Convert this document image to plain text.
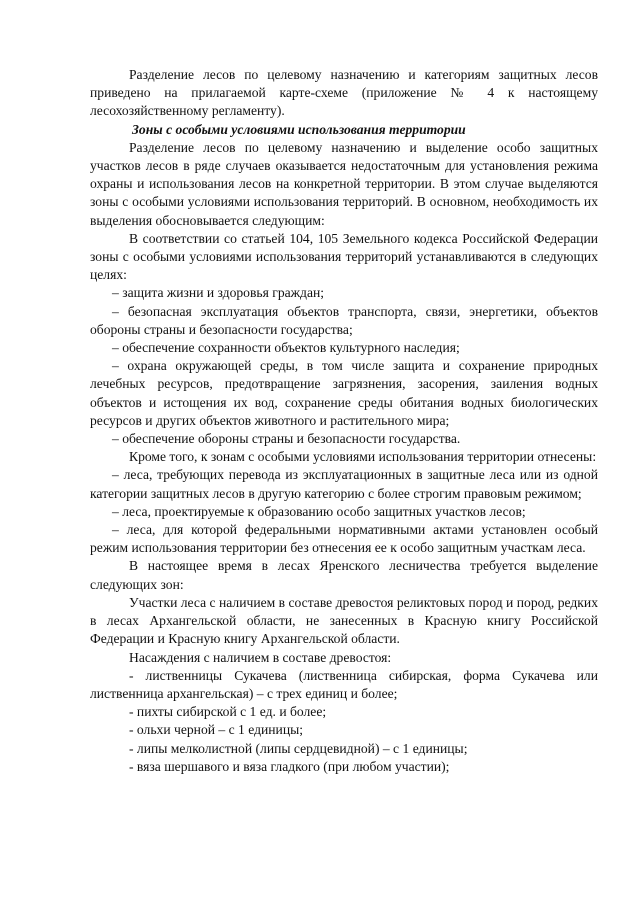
Разделение лесов по целевому назначению и категориям защитных лесов приведено на прилагаемой карте-схеме (приложение № 4 к настоящему лесохозяйственному регламенту).

Зоны с особыми условиями использования территории

Разделение лесов по целевому назначению и выделение особо защитных участков лесов в ряде случаев оказывается недостаточным для установления режима охраны и использования лесов на конкретной территории. В этом случае выделяются зоны с особыми условиями использования территорий. В основном, необходимость их выделения обосновывается следующим:

В соответствии со статьей 104, 105 Земельного кодекса Российской Федерации зоны с особыми условиями использования территорий устанавливаются в следующих целях:

– защита жизни и здоровья граждан;

– безопасная эксплуатация объектов транспорта, связи, энергетики, объектов обороны страны и безопасности государства;

– обеспечение сохранности объектов культурного наследия;

– охрана окружающей среды, в том числе защита и сохранение природных лечебных ресурсов, предотвращение загрязнения, засорения, заиления водных объектов и истощения их вод, сохранение среды обитания водных биологических ресурсов и других объектов животного и растительного мира;

– обеспечение обороны страны и безопасности государства.

Кроме того, к зонам с особыми условиями использования территории отнесены:

– леса, требующих перевода из эксплуатационных в защитные леса или из одной категории защитных лесов в другую категорию с более строгим правовым режимом;

– леса, проектируемые к образованию особо защитных участков лесов;

– леса, для которой федеральными нормативными актами установлен особый режим использования территории без отнесения ее к особо защитным участкам леса.

В настоящее время в лесах Яренского лесничества требуется выделение следующих зон:

Участки леса с наличием в составе древостоя реликтовых пород и пород, редких в лесах Архангельской области, не занесенных в Красную книгу Российской Федерации и Красную книгу Архангельской области.

Насаждения с наличием в составе древостоя:

- лиственницы Сукачева (лиственница сибирская, форма Сукачева или лиственница архангельская) – с трех единиц и более;

- пихты сибирской с 1 ед. и более;

- ольхи черной – с 1 единицы;

- липы мелколистной (липы сердцевидной) – с 1 единицы;

- вяза шершавого и вяза гладкого (при любом участии);
